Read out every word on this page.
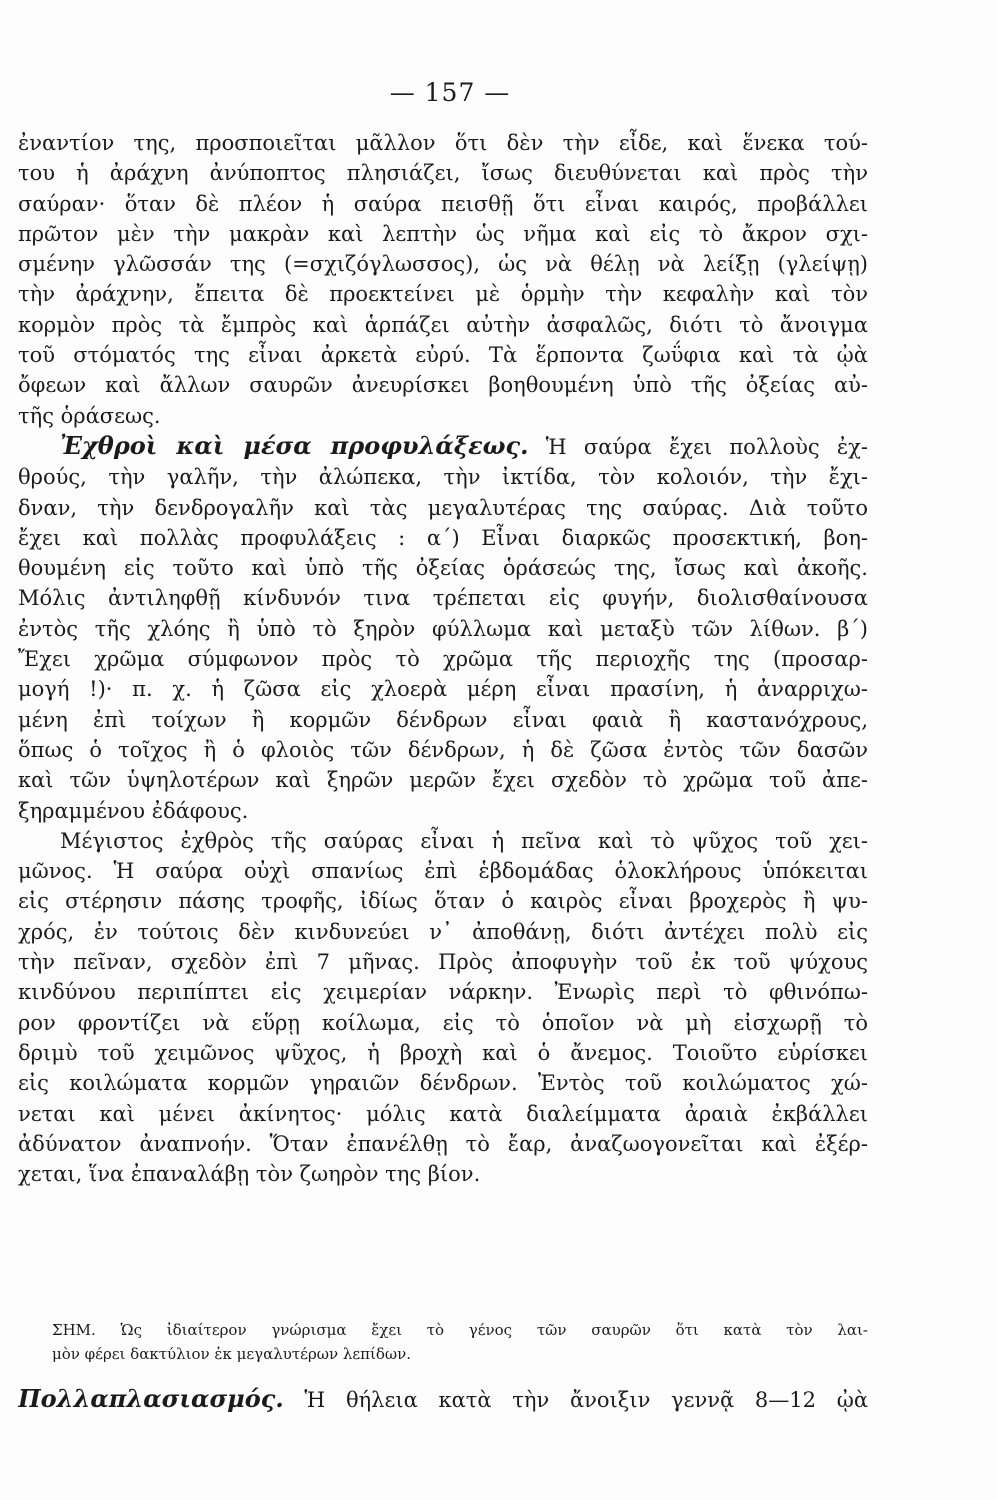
— 157 —
ἐναντίον της, προσποιεῖται μᾶλλον ὅτι δὲν τὴν εἶδε, καὶ ἕνεκα τού-
του ἡ ἀράχνη ἀνύποπτος πλησιάζει, ἴσως διευθύνεται καὶ πρὸς τὴν
σαύραν· ὅταν δὲ πλέον ἡ σαύρα πεισθῇ ὅτι εἶναι καιρός, προβάλλει
πρῶτον μὲν τὴν μακρὰν καὶ λεπτὴν ὡς νῆμα καὶ εἰς τὸ ἄκρον σχι-
σμένην γλῶσσάν της (=σχιζόγλωσσος), ὡς νὰ θέλῃ νὰ λείξῃ (γλείψῃ)
τὴν ἀράχνην, ἔπειτα δὲ προεκτείνει μὲ ὁρμὴν τὴν κεφαλὴν καὶ τὸν
κορμὸν πρὸς τὰ ἔμπρὸς καὶ ἁρπάζει αὐτὴν ἀσφαλῶς, διότι τὸ ἄνοιγμα
τοῦ στόματός της εἶναι ἀρκετὰ εὐρύ. Τὰ ἕρποντα ζωΰφια καὶ τὰ ᾠὰ
ὄφεων καὶ ἄλλων σαυρῶν ἀνευρίσκει βοηθουμένη ὑπὸ τῆς ὀξείας αὐ-
τῆς ὁράσεως.
Ἐχθροὶ καὶ μέσα προφυλάξεως. Ἡ σαύρα ἔχει πολλοὺς ἐχ-
θρούς, τὴν γαλῆν, τὴν ἀλώπεκα, τὴν ἰκτίδα, τὸν κολοιόν, τὴν ἔχι-
δναν, τὴν δενδρογαλῆν καὶ τὰς μεγαλυτέρας της σαύρας. Διὰ τοῦτο
ἔχει καὶ πολλὰς προφυλάξεις : α΄) Εἶναι διαρκῶς προσεκτική, βοη-
θουμένη εἰς τοῦτο καὶ ὑπὸ τῆς ὀξείας ὁράσεώς της, ἴσως καὶ ἀκοῆς.
Μόλις ἀντιληφθῇ κίνδυνόν τινα τρέπεται εἰς φυγήν, διολισθαίνουσα
ἐντὸς τῆς χλόης ἢ ὑπὸ τὸ ξηρὸν φύλλωμα καὶ μεταξὺ τῶν λίθων. β΄)
Ἔχει χρῶμα σύμφωνον πρὸς τὸ χρῶμα τῆς περιοχῆς της (προσαρ-
μογή !)· π. χ. ἡ ζῶσα εἰς χλοερὰ μέρη εἶναι πρασίνη, ἡ ἀναρριχω-
μένη ἐπὶ τοίχων ἢ κορμῶν δένδρων εἶναι φαιὰ ἢ καστανόχρους,
ὅπως ὁ τοῖχος ἢ ὁ φλοιὸς τῶν δένδρων, ἡ δὲ ζῶσα ἐντὸς τῶν δασῶν
καὶ τῶν ὑψηλοτέρων καὶ ξηρῶν μερῶν ἔχει σχεδὸν τὸ χρῶμα τοῦ ἀπε-
ξηραμμένου ἐδάφους.
Μέγιστος ἐχθρὸς τῆς σαύρας εἶναι ἡ πεῖνα καὶ τὸ ψῦχος τοῦ χει-
μῶνος. Ἡ σαύρα οὐχὶ σπανίως ἐπὶ ἑβδομάδας ὁλοκλήρους ὑπόκειται
εἰς στέρησιν πάσης τροφῆς, ἰδίως ὅταν ὁ καιρὸς εἶναι βροχερὸς ἢ ψυ-
χρός, ἐν τούτοις δὲν κινδυνεύει ν᾽ ἀποθάνῃ, διότι ἀντέχει πολὺ εἰς
τὴν πεῖναν, σχεδὸν ἐπὶ 7 μῆνας. Πρὸς ἀποφυγὴν τοῦ ἐκ τοῦ ψύχους
κινδύνου περιπίπτει εἰς χειμερίαν νάρκην. Ἐνωρὶς περὶ τὸ φθινόπω-
ρον φροντίζει νὰ εὕρῃ κοίλωμα, εἰς τὸ ὁποῖον νὰ μὴ εἰσχωρῇ τὸ
δριμὺ τοῦ χειμῶνος ψῦχος, ἡ βροχὴ καὶ ὁ ἄνεμος. Τοιοῦτο εὑρίσκει
εἰς κοιλώματα κορμῶν γηραιῶν δένδρων. Ἐντὸς τοῦ κοιλώματος χώ-
νεται καὶ μένει ἀκίνητος· μόλις κατὰ διαλείμματα ἀραιὰ ἐκβάλλει
ἀδύνατον ἀναπνοήν. Ὅταν ἐπανέλθῃ τὸ ἔαρ, ἀναζωογονεῖται καὶ ἐξέρ-
χεται, ἵνα ἐπαναλάβῃ τὸν ζωηρὸν της βίον.
ΣΗΜ. Ὡς ἰδιαίτερον γνώρισμα ἔχει τὸ γένος τῶν σαυρῶν ὅτι κατὰ τὸν λαι-
μὸν φέρει δακτύλιον ἐκ μεγαλυτέρων λεπίδων.
Πολλαπλασιασμός. Ἡ θήλεια κατὰ τὴν ἄνοιξιν γεννᾷ 8—12 ᾠὰ
